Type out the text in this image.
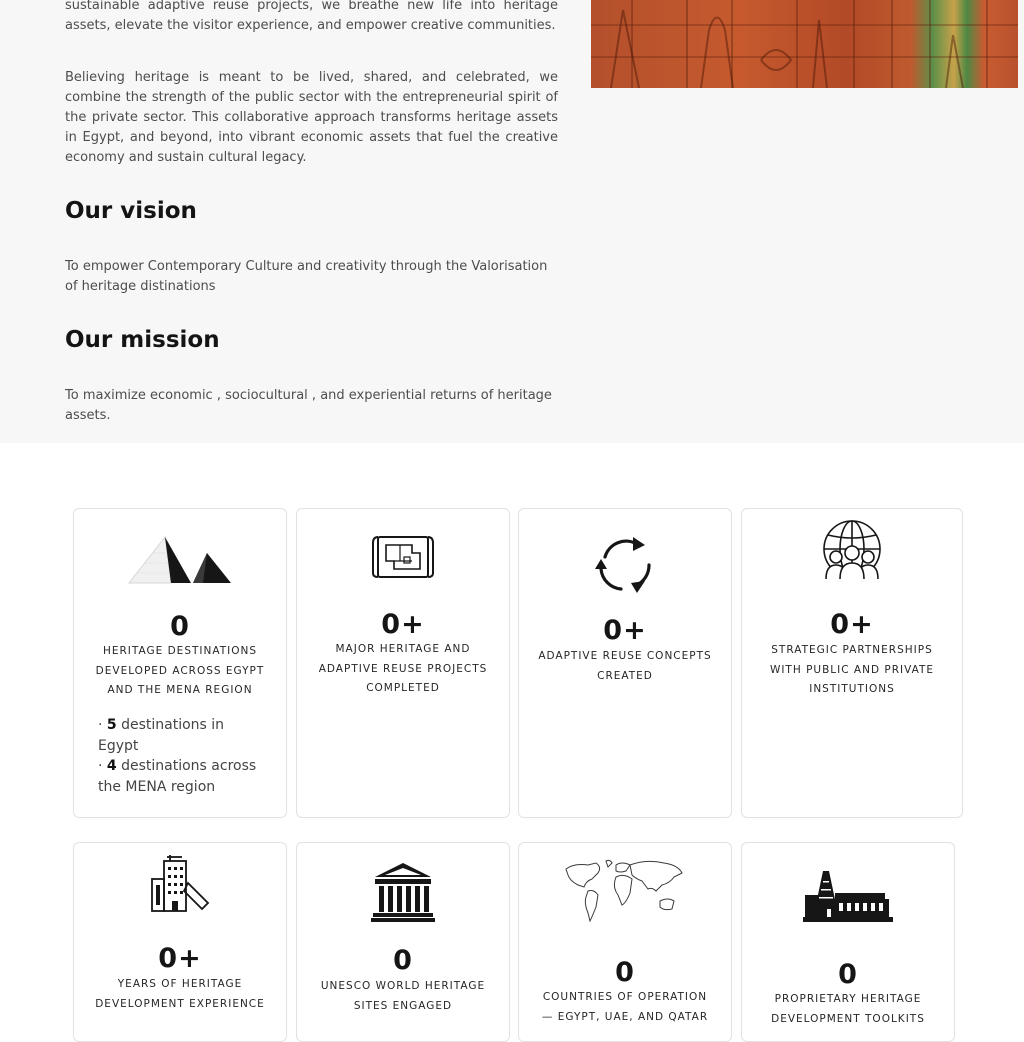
sustainable adaptive reuse projects, we breathe new life into heritage assets, elevate the visitor experience, and empower creative communities.

Believing heritage is meant to be lived, shared, and celebrated, we combine the strength of the public sector with the entrepreneurial spirit of the private sector. This collaborative approach transforms heritage assets in Egypt, and beyond, into vibrant economic assets that fuel the creative economy and sustain cultural legacy.

Our vision

To empower Contemporary Culture and creativity through the Valorisation of heritage distinations

Our mission

To maximize economic , sociocultural , and experiential returns of heritage assets.

0
HERITAGE DESTINATIONS DEVELOPED ACROSS EGYPT AND THE MENA REGION
· 5 destinations in Egypt
· 4 destinations across the MENA region
0+
MAJOR HERITAGE AND ADAPTIVE REUSE PROJECTS COMPLETED
0+
ADAPTIVE REUSE CONCEPTS CREATED
0+
STRATEGIC PARTNERSHIPS WITH PUBLIC AND PRIVATE INSTITUTIONS
0+
YEARS OF HERITAGE DEVELOPMENT EXPERIENCE
0
UNESCO WORLD HERITAGE SITES ENGAGED
0
COUNTRIES OF OPERATION — EGYPT, UAE, AND QATAR
0
PROPRIETARY HERITAGE DEVELOPMENT TOOLKITS
